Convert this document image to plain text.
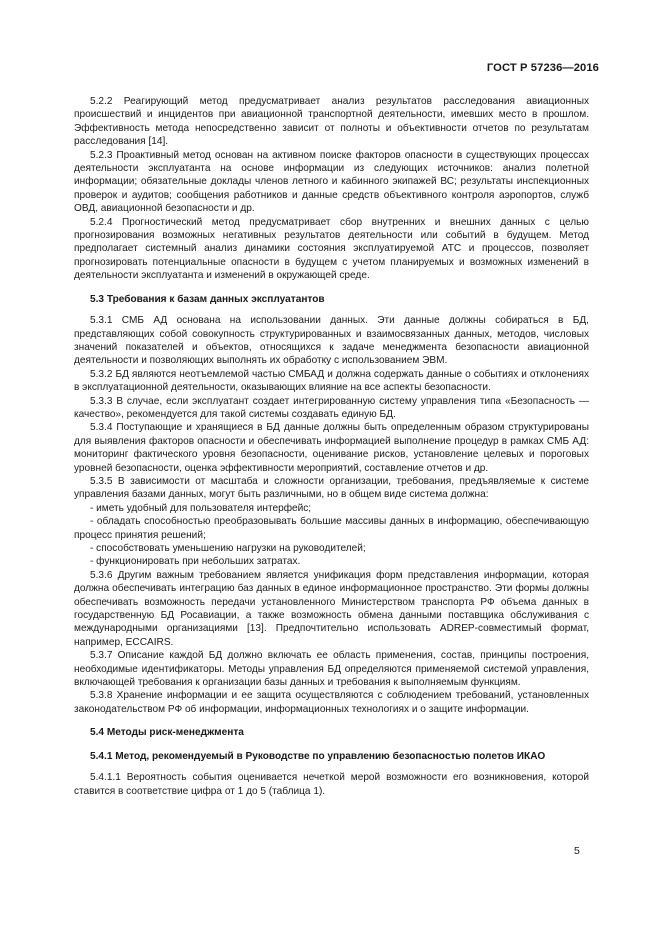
ГОСТ Р 57236—2016

5.2.2 Реагирующий метод предусматривает анализ результатов расследования авиационных происшествий и инцидентов при авиационной транспортной деятельности, имевших место в прошлом. Эффективность метода непосредственно зависит от полноты и объективности отчетов по результатам расследования [14].

5.2.3 Проактивный метод основан на активном поиске факторов опасности в существующих процессах деятельности эксплуатанта на основе информации из следующих источников: анализ полетной информации; обязательные доклады членов летного и кабинного экипажей ВС; результаты инспекционных проверок и аудитов; сообщения работников и данные средств объективного контроля аэропортов, служб ОВД, авиационной безопасности и др.

5.2.4 Прогностический метод предусматривает сбор внутренних и внешних данных с целью прогнозирования возможных негативных результатов деятельности или событий в будущем. Метод предполагает системный анализ динамики состояния эксплуатируемой АТС и процессов, позволяет прогнозировать потенциальные опасности в будущем с учетом планируемых и возможных изменений в деятельности эксплуатанта и изменений в окружающей среде.

5.3 Требования к базам данных эксплуатантов

5.3.1 СМБ АД основана на использовании данных. Эти данные должны собираться в БД, представляющих собой совокупность структурированных и взаимосвязанных данных, методов, числовых значений показателей и объектов, относящихся к задаче менеджмента безопасности авиационной деятельности и позволяющих выполнять их обработку с использованием ЭВМ.

5.3.2 БД являются неотъемлемой частью СМБАД и должна содержать данные о событиях и отклонениях в эксплуатационной деятельности, оказывающих влияние на все аспекты безопасности.

5.3.3 В случае, если эксплуатант создает интегрированную систему управления типа «Безопасность — качество», рекомендуется для такой системы создавать единую БД.

5.3.4 Поступающие и хранящиеся в БД данные должны быть определенным образом структурированы для выявления факторов опасности и обеспечивать информацией выполнение процедур в рамках СМБ АД: мониторинг фактического уровня безопасности, оценивание рисков, установление целевых и пороговых уровней безопасности, оценка эффективности мероприятий, составление отчетов и др.

5.3.5 В зависимости от масштаба и сложности организации, требования, предъявляемые к системе управления базами данных, могут быть различными, но в общем виде система должна:

- иметь удобный для пользователя интерфейс;

- обладать способностью преобразовывать большие массивы данных в информацию, обеспечивающую процесс принятия решений;

- способствовать уменьшению нагрузки на руководителей;

- функционировать при небольших затратах.

5.3.6 Другим важным требованием является унификация форм представления информации, которая должна обеспечивать интеграцию баз данных в единое информационное пространство. Эти формы должны обеспечивать возможность передачи установленного Министерством транспорта РФ объема данных в государственную БД Росавиации, а также возможность обмена данными поставщика обслуживания с международными организациями [13]. Предпочтительно использовать ADREP-совместимый формат, например, ECCAIRS.

5.3.7 Описание каждой БД должно включать ее область применения, состав, принципы построения, необходимые идентификаторы. Методы управления БД определяются применяемой системой управления, включающей требования к организации базы данных и требования к выполняемым функциям.

5.3.8 Хранение информации и ее защита осуществляются с соблюдением требований, установленных законодательством РФ об информации, информационных технологиях и о защите информации.

5.4 Методы риск-менеджмента

5.4.1 Метод, рекомендуемый в Руководстве по управлению безопасностью полетов ИКАО

5.4.1.1 Вероятность события оценивается нечеткой мерой возможности его возникновения, которой ставится в соответствие цифра от 1 до 5 (таблица 1).

5
